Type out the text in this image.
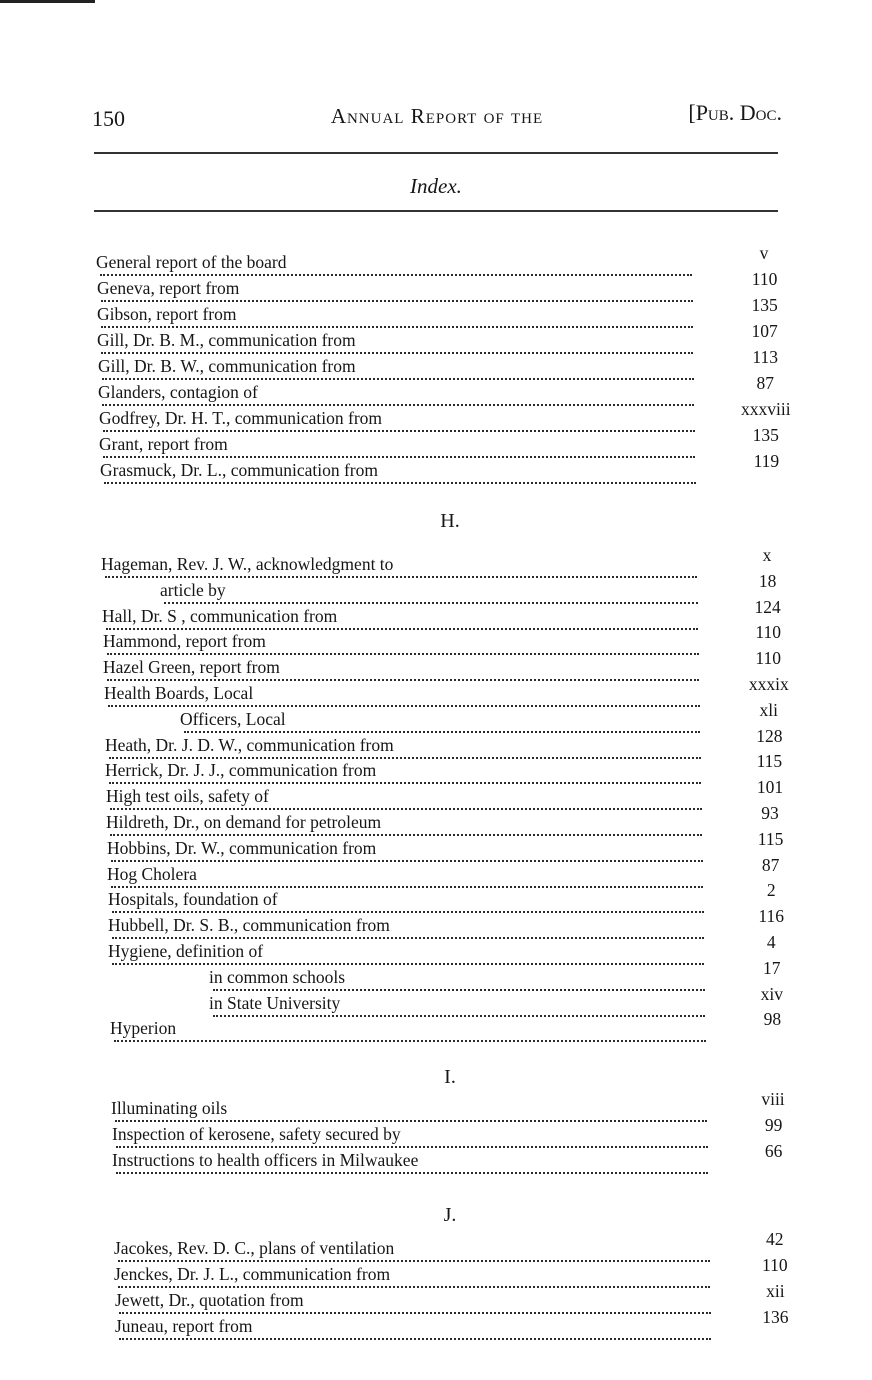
150	Annual Report of the	[Pub. Doc.
Index.
General report of the board	v
Geneva, report from	110
Gibson, report from	135
Gill, Dr. B. M., communication from	107
Gill, Dr. B. W., communication from	113
Glanders, contagion of	87
Godfrey, Dr. H. T., communication from	xxxviii
Grant, report from	135
Grasmuck, Dr. L., communication from	119
H.
Hageman, Rev. J. W., acknowledgment to	x
article by	18
Hall, Dr. S , communication from	124
Hammond, report from	110
Hazel Green, report from	110
Health Boards, Local	xxxix
Officers, Local	xli
Heath, Dr. J. D. W., communication from	128
Herrick, Dr. J. J., communication from	115
High test oils, safety of	101
Hildreth, Dr., on demand for petroleum	93
Hobbins, Dr. W., communication from	115
Hog Cholera	87
Hospitals, foundation of	2
Hubbell, Dr. S. B., communication from	116
Hygiene, definition of	4
in common schools	17
in State University	xiv
Hyperion	98
I.
Illuminating oils	viii
Inspection of kerosene, safety secured by	99
Instructions to health officers in Milwaukee	66
J.
Jacokes, Rev. D. C., plans of ventilation	42
Jenckes, Dr. J. L., communication from	110
Jewett, Dr., quotation from	xii
Juneau, report from	136
